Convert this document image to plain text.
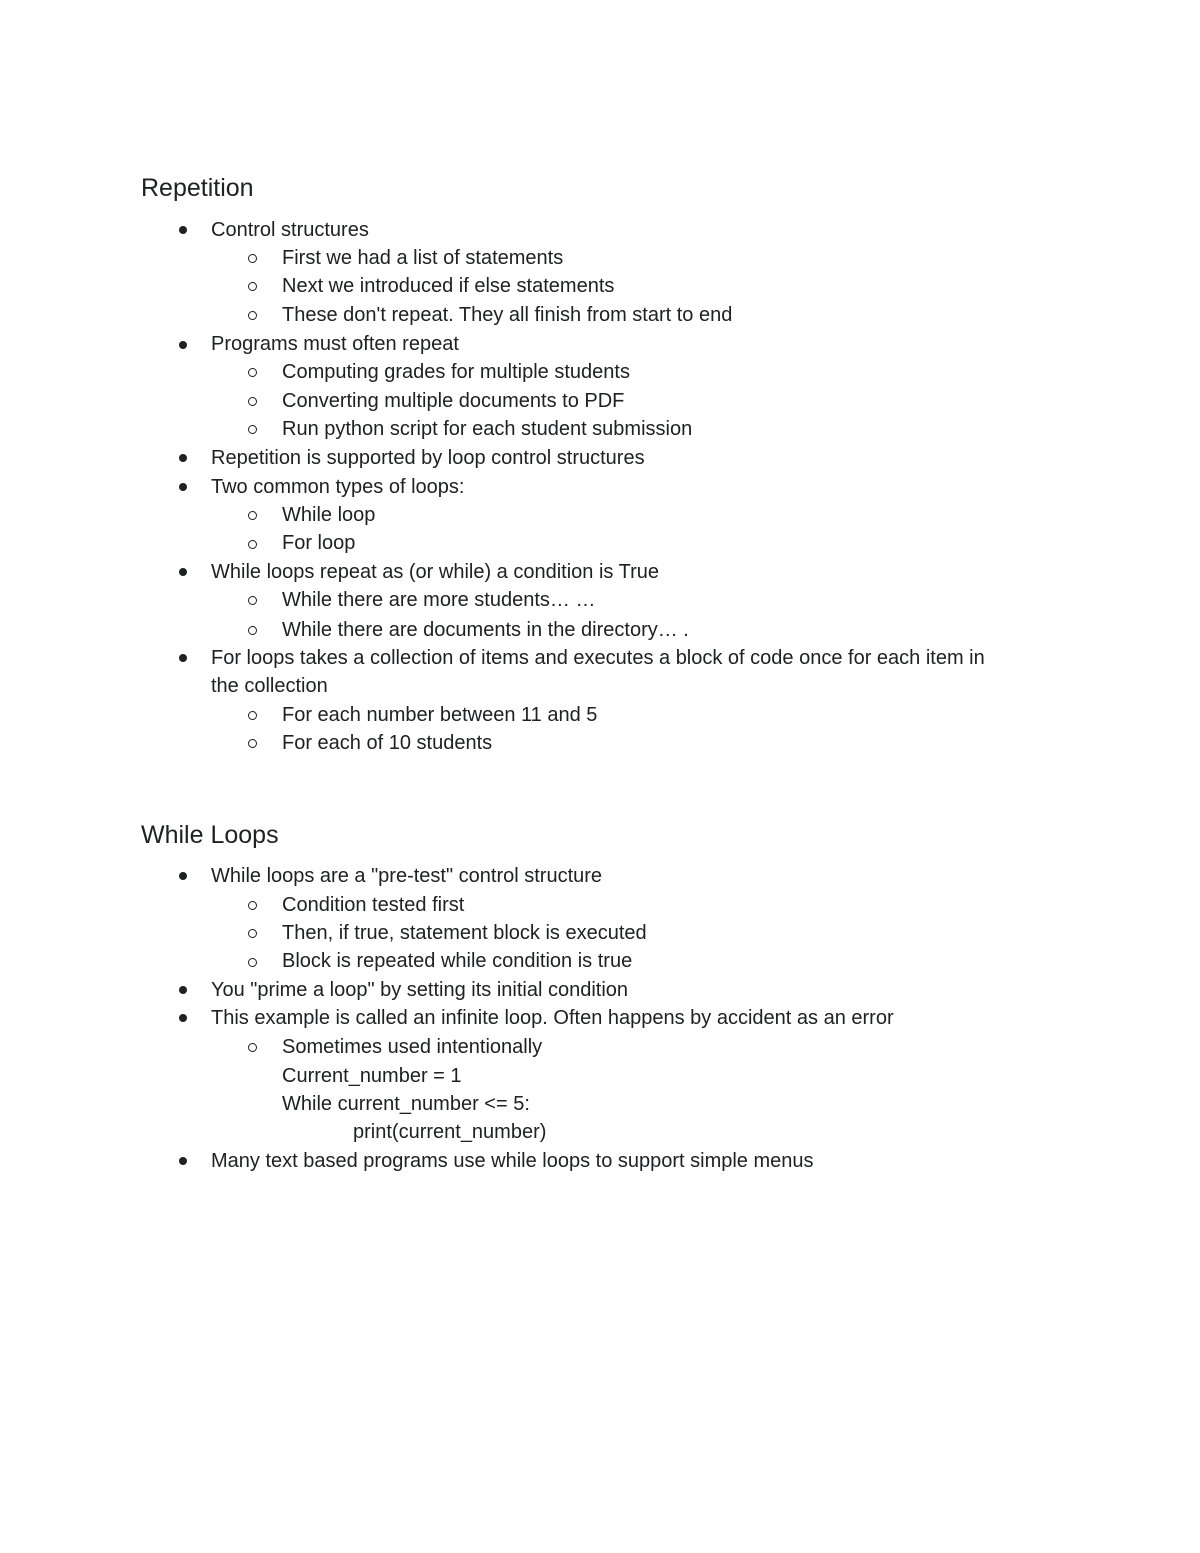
Repetition
Control structures
First we had a list of statements
Next we introduced if else statements
These don't repeat. They all finish from start to end
Programs must often repeat
Computing grades for multiple students
Converting multiple documents to PDF
Run python script for each student submission
Repetition is supported by loop control structures
Two common types of loops:
While loop
For loop
While loops repeat as (or while) a condition is True
While there are more students… …
While there are documents in the directory… .
For loops takes a collection of items and executes a block of code once for each item in
the collection
For each number between 11 and 5
For each of 10 students
While Loops
While loops are a "pre-test" control structure
Condition tested first
Then, if true, statement block is executed
Block is repeated while condition is true
You "prime a loop" by setting its initial condition
This example is called an infinite loop. Often happens by accident as an error
Sometimes used intentionally
Current_number = 1
While current_number <= 5:
print(current_number)
Many text based programs use while loops to support simple menus
